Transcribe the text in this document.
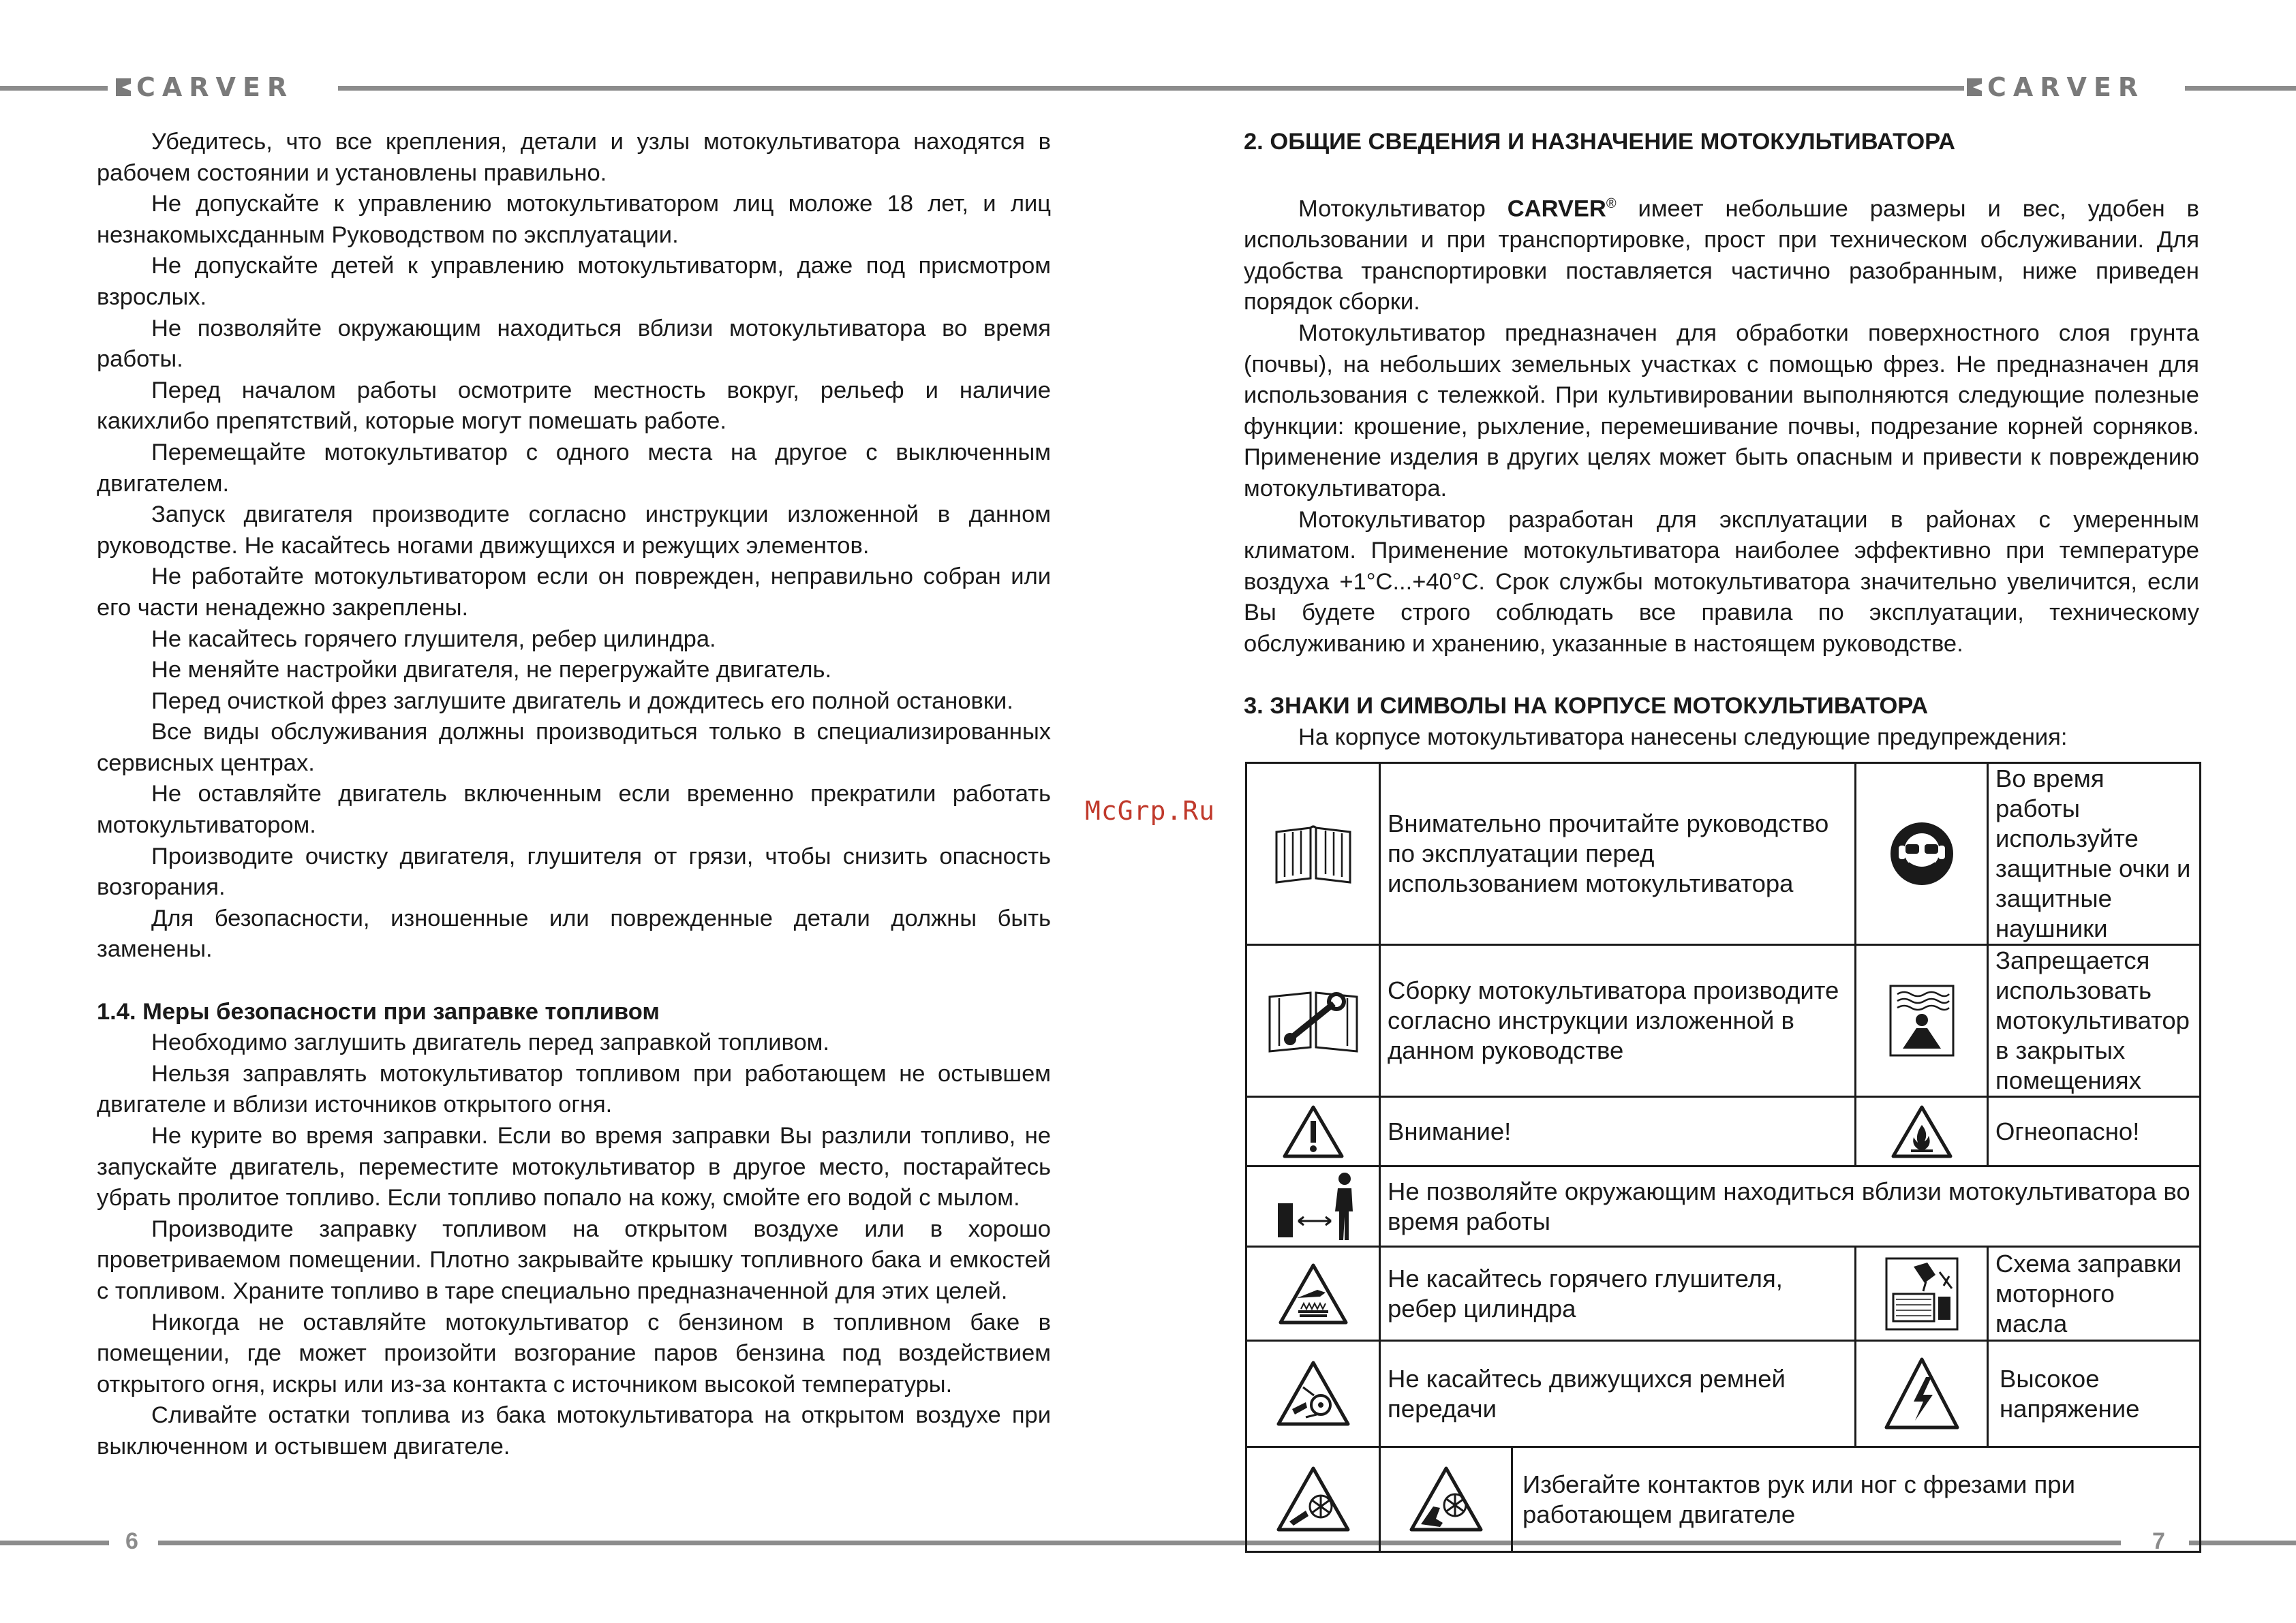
CARVER	CARVER
6	7
McGrp.Ru

Убедитесь, что все крепления, детали и узлы мотокультиватора находятся в рабочем состоянии и установлены правильно.

Не допускайте к управлению мотокультиватором лиц моложе 18 лет, и лиц незнакомыхсданным Руководством по эксплуатации.

Не допускайте детей к управлению мотокультиваторм, даже под присмотром взрослых.

Не позволяйте окружающим находиться вблизи мотокультиватора во время работы.

Перед началом работы осмотрите местность вокруг, рельеф и наличие какихлибо препятствий, которые могут помешать работе.

Перемещайте мотокультиватор с одного места на другое с выключенным двигателем.

Запуск двигателя производите согласно инструкции изложенной в данном руководстве. Не касайтесь ногами движущихся и режущих элементов.

Не работайте мотокультиватором если он поврежден, неправильно собран или его части ненадежно закреплены.

Не касайтесь горячего глушителя, ребер цилиндра.

Не меняйте настройки двигателя, не перегружайте двигатель.

Перед очисткой фрез заглушите двигатель и дождитесь его полной остановки.

Все виды обслуживания должны производиться только в специализированных сервисных центрах.

Не оставляйте двигатель включенным если временно прекратили работать мотокультиватором.

Производите очистку двигателя, глушителя от грязи, чтобы снизить опасность возгорания.

Для безопасности, изношенные или поврежденные детали должны быть заменены.

1.4. Меры безопасности при заправке топливом

Необходимо заглушить двигатель перед заправкой топливом.

Нельзя заправлять мотокультиватор топливом при работающем не остывшем двигателе и вблизи источников открытого огня.

Не курите во время заправки. Если во время заправки Вы разлили топливо, не запускайте двигатель, переместите мотокультиватор в другое место, постарайтесь убрать пролитое топливо. Если топливо попало на кожу, смойте его водой с мылом.

Производите заправку топливом на открытом воздухе или в хорошо проветриваемом помещении. Плотно закрывайте крышку топливного бака и емкостей с топливом. Храните топливо в таре специально предназначенной для этих целей.

Никогда не оставляйте мотокультиватор с бензином в топливном баке в помещении, где может произойти возгорание паров бензина под воздействием открытого огня, искры или из-за контакта с источником высокой температуры.

Сливайте остатки топлива из бака мотокультиватора на открытом воздухе при выключенном и остывшем двигателе.

2. ОБЩИЕ СВЕДЕНИЯ И НАЗНАЧЕНИЕ МОТОКУЛЬТИВАТОРА

Мотокультиватор CARVER® имеет небольшие размеры и вес, удобен в использовании и при транспортировке, прост при техническом обслуживании. Для удобства транспортировки поставляется частично разобранным, ниже приведен порядок сборки.

Мотокультиватор предназначен для обработки поверхностного слоя грунта (почвы), на небольших земельных участках с помощью фрез. Не предназначен для использования с тележкой. При культивировании выполняются следующие полезные функции: крошение, рыхление, перемешивание почвы, подрезание корней сорняков. Применение изделия в других целях может быть опасным и привести к повреждению мотокультиватора.

Мотокультиватор разработан для эксплуатации в районах с умеренным климатом. Применение мотокультиватора наиболее эффективно при температуре воздуха +1°С...+40°С. Срок службы мотокультиватора значительно увеличится, если Вы будете строго соблюдать все правила по эксплуатации, техническому обслуживанию и хранению, указанные в настоящем руководстве.

3. ЗНАКИ И СИМВОЛЫ НА КОРПУСЕ МОТОКУЛЬТИВАТОРА

На корпусе мотокультиватора нанесены следующие предупреждения:

	Внимательно прочитайте руководство по эксплуатации перед использованием мотокультиватора			Во время работы используйте защитные очки и защитные наушники

	Сборку мотокультиватора производите согласно инструкции изложенной в данном руководстве			Запрещается использовать мотокультиватор в закрытых помещениях

	Внимание!			Огнеопасно!

	Не позволяйте окружающим находиться вблизи мотокультиватора во время работы			

	Не касайтесь горячего глушителя, ребер цилиндра			Схема заправки моторного масла

	Не касайтесь движущихся ремней передачи			Высокое напряжение

	Избегайте контактов рук или ног с фрезами при работающем двигателе		
